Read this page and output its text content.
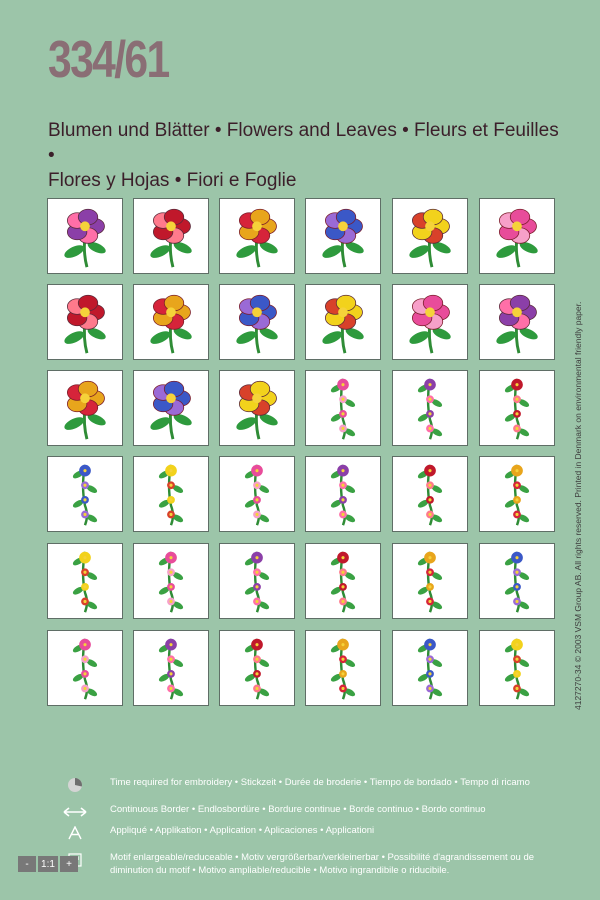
334/61
Blumen und Blätter • Flowers and Leaves • Fleurs et Feuilles •
Flores y Hojas • Fiori e Foglie
4127270-34 © 2003 VSM Group AB. All rights reserved. Printed in Denmark on environmental friendly paper.
Time required for embroidery • Stickzeit • Durée de broderie • Tiempo de bordado • Tempo di ricamo
Continuous Border • Endlosbordüre • Bordure continue • Borde continuo • Bordo continuo
Appliqué • Applikation • Application • Aplicaciones • Applicationi
Motif enlargeable/reduceable • Motiv vergrößerbar/verkleinerbar • Possibilité d'agrandissement ou de diminution du motif • Motivo ampliable/reducible • Motivo ingrandibile o riducibile.
-	1:1	+
